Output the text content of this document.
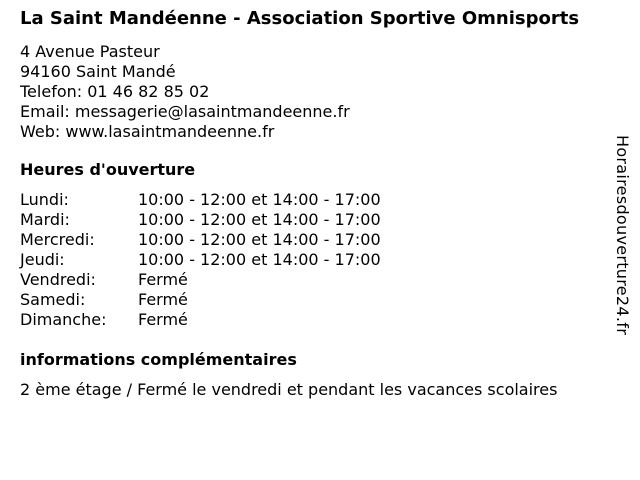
La Saint Mandéenne - Association Sportive Omnisports
4 Avenue Pasteur
94160 Saint Mandé
Telefon: 01 46 82 85 02
Email: messagerie@lasaintmandeenne.fr
Web: www.lasaintmandeenne.fr
Heures d'ouverture
Lundi:	10:00 - 12:00 et 14:00 - 17:00
Mardi:	10:00 - 12:00 et 14:00 - 17:00
Mercredi:	10:00 - 12:00 et 14:00 - 17:00
Jeudi:	10:00 - 12:00 et 14:00 - 17:00
Vendredi:	Fermé
Samedi:	Fermé
Dimanche:	Fermé
informations complémentaires
2 ème étage / Fermé le vendredi et pendant les vacances scolaires
Horairesdouverture24.fr
